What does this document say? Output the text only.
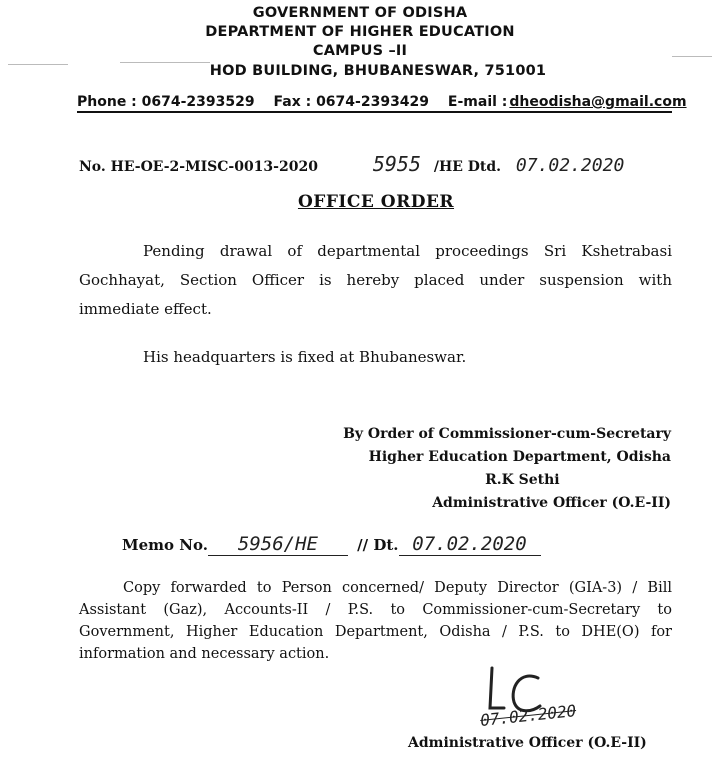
GOVERNMENT OF ODISHA
DEPARTMENT OF HIGHER EDUCATION
CAMPUS –II
HOD BUILDING, BHUBANESWAR, 751001
Phone : 0674-2393529 Fax : 0674-2393429 E-mail : dheodisha@gmail.com
No. HE-OE-2-MISC-0013-2020	5955 /HE Dtd. 07.02.2020
OFFICE ORDER
Pending drawal of departmental proceedings Sri Kshetrabasi Gochhayat, Section Officer is hereby placed under suspension with immediate effect.
His headquarters is fixed at Bhubaneswar.
By Order of Commissioner-cum-Secretary
Higher Education Department, Odisha
R.K Sethi
Administrative Officer (O.E-II)
Memo No. 5956/HE	// Dt. 07.02.2020
Copy forwarded to Person concerned/ Deputy Director (GIA-3) / Bill Assistant (Gaz), Accounts-II / P.S. to Commissioner-cum-Secretary to Government, Higher Education Department, Odisha / P.S. to DHE(O) for information and necessary action.
07.02.2020
Administrative Officer (O.E-II)
